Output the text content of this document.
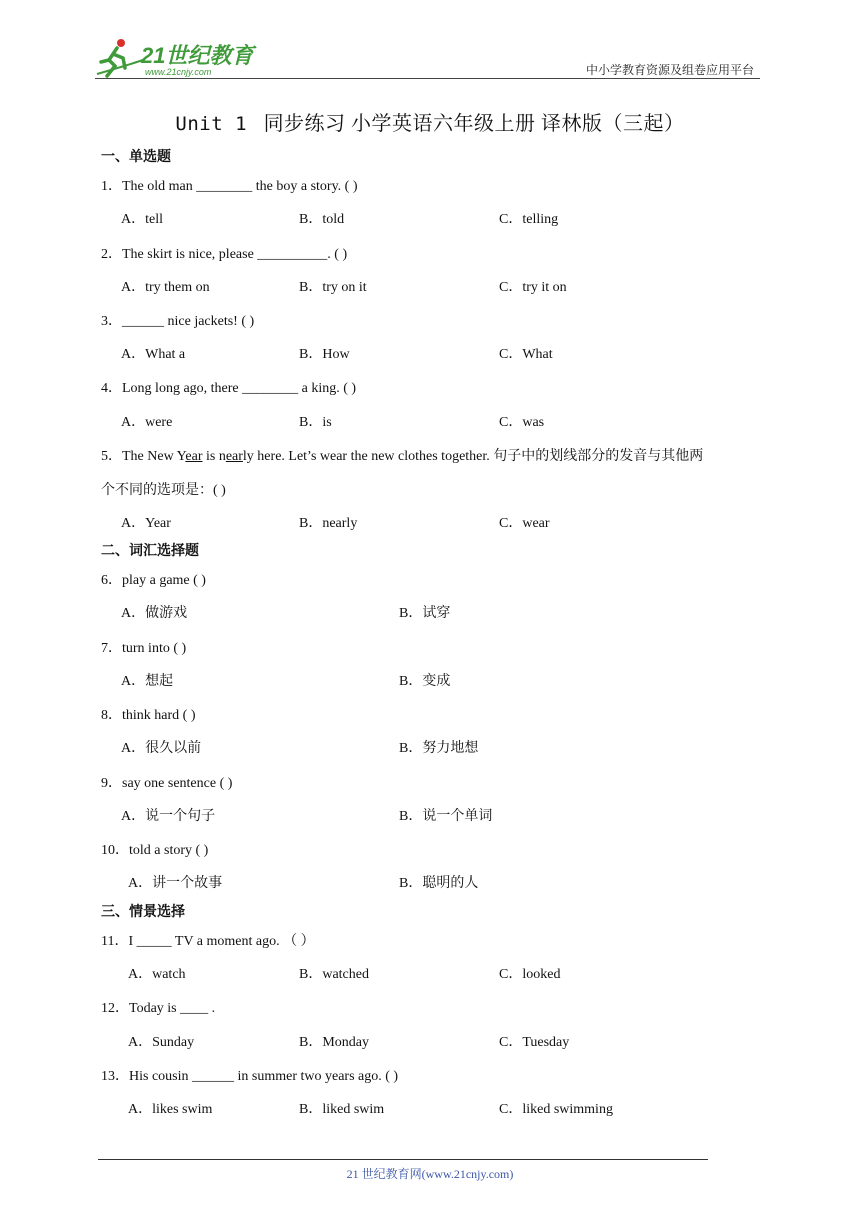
21世纪教育
www.21cnjy.com	中小学教育资源及组卷应用平台
Unit 1 同步练习 小学英语六年级上册 译林版（三起）
一、单选题
1．The old man ________ the boy a story. ( )
A．tell	B．told	C．telling
2．The skirt is nice, please __________. ( )
A．try them on	B．try on it	C．try it on
3．______ nice jackets! ( )
A．What a	B．How	C．What
4．Long long ago, there ________ a king. ( )
A．were	B．is	C．was
5．The New Year is nearly here. Let’s wear the new clothes together. 句子中的划线部分的发音与其他两
个不同的选项是：( )
A．Year	B．nearly	C．wear
二、词汇选择题
6．play a game ( )
A．做游戏	B．试穿
7．turn into ( )
A．想起	B．变成
8．think hard ( )
A．很久以前	B．努力地想
9．say one sentence ( )
A．说一个句子	B．说一个单词
10．told a story ( )
A．讲一个故事	B．聪明的人
三、情景选择
11．I _____ TV a moment ago. （ ）
A．watch	B．watched	C．looked
12．Today is ____ .
A．Sunday	B．Monday	C．Tuesday
13．His cousin ______ in summer two years ago. ( )
A．likes swim	B．liked swim	C．liked swimming
21 世纪教育网(www.21cnjy.com)
